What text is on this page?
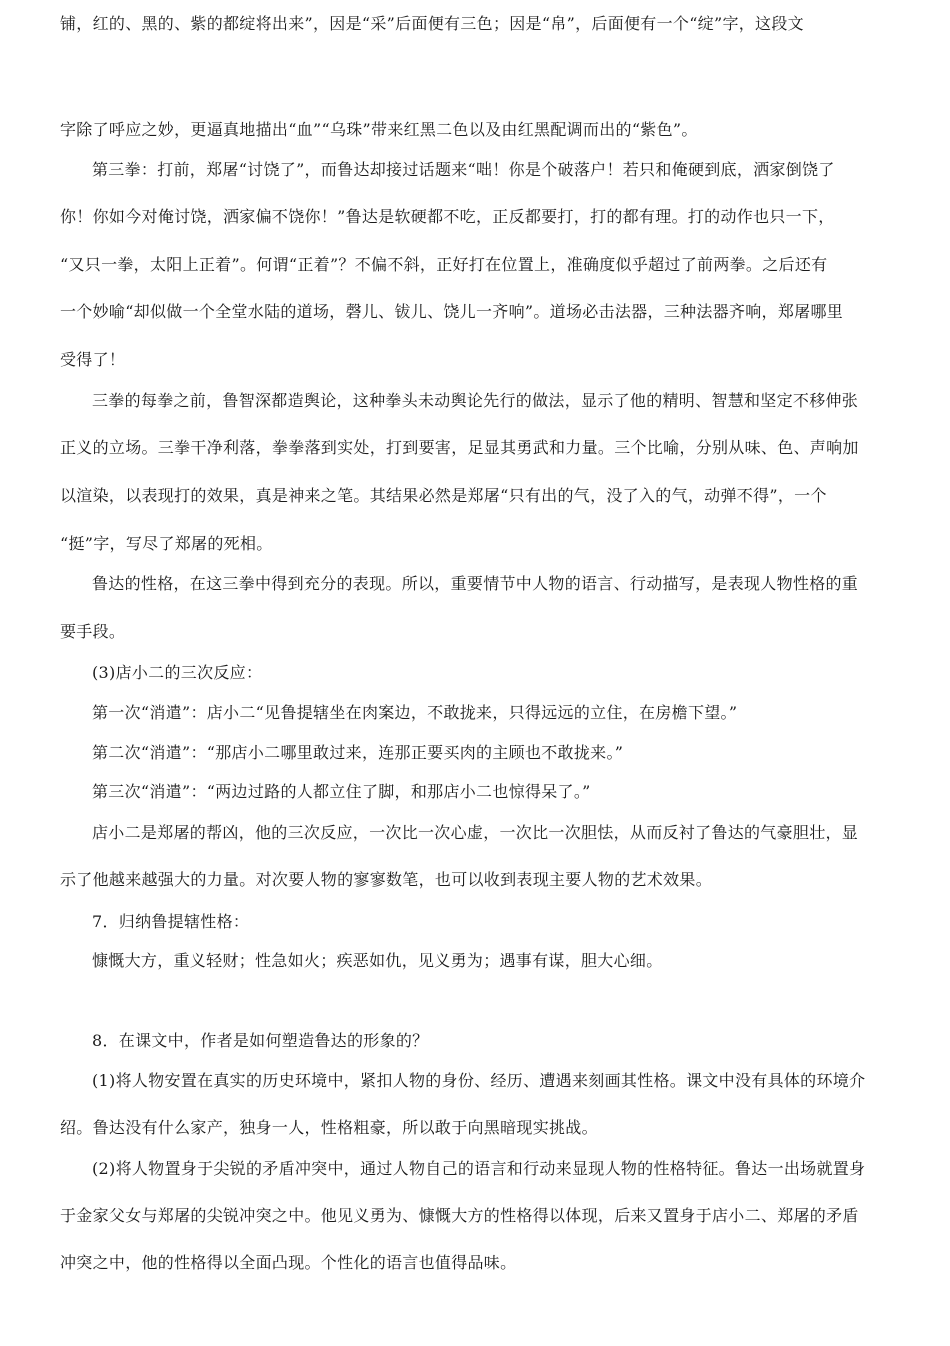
铺，红的、黑的、紫的都绽将出来”，因是“采”后面便有三色；因是“帛”，后面便有一个“绽”字，这段文
字除了呼应之妙，更逼真地描出“血”“乌珠”带来红黑二色以及由红黑配调而出的“紫色”。
第三拳：打前，郑屠“讨饶了”，而鲁达却接过话题来“咄！你是个破落户！若只和俺硬到底，洒家倒饶了
你！你如今对俺讨饶，洒家偏不饶你！”鲁达是软硬都不吃，正反都要打，打的都有理。打的动作也只一下，
“又只一拳，太阳上正着”。何谓“正着”？不偏不斜，正好打在位置上，准确度似乎超过了前两拳。之后还有
一个妙喻“却似做一个全堂水陆的道场，磬儿、钹儿、饶儿一齐响”。道场必击法器，三种法器齐响，郑屠哪里
受得了！
三拳的每拳之前，鲁智深都造舆论，这种拳头未动舆论先行的做法，显示了他的精明、智慧和坚定不移伸张
正义的立场。三拳干净利落，拳拳落到实处，打到要害，足显其勇武和力量。三个比喻，分别从味、色、声响加
以渲染，以表现打的效果，真是神来之笔。其结果必然是郑屠“只有出的气，没了入的气，动弹不得”，一个
“挺”字，写尽了郑屠的死相。
鲁达的性格，在这三拳中得到充分的表现。所以，重要情节中人物的语言、行动描写，是表现人物性格的重
要手段。
(3)店小二的三次反应：
第一次“消遣”：店小二“见鲁提辖坐在肉案边，不敢拢来，只得远远的立住，在房檐下望。”
第二次“消遣”：“那店小二哪里敢过来，连那正要买肉的主顾也不敢拢来。”
第三次“消遣”：“两边过路的人都立住了脚，和那店小二也惊得呆了。”
店小二是郑屠的帮凶，他的三次反应，一次比一次心虚，一次比一次胆怯，从而反衬了鲁达的气豪胆壮，显
示了他越来越强大的力量。对次要人物的寥寥数笔，也可以收到表现主要人物的艺术效果。
7．归纳鲁提辖性格：
慷慨大方，重义轻财；性急如火；疾恶如仇，见义勇为；遇事有谋，胆大心细。
8．在课文中，作者是如何塑造鲁达的形象的？
(1)将人物安置在真实的历史环境中，紧扣人物的身份、经历、遭遇来刻画其性格。课文中没有具体的环境介
绍。鲁达没有什么家产，独身一人，性格粗豪，所以敢于向黑暗现实挑战。
(2)将人物置身于尖锐的矛盾冲突中，通过人物自己的语言和行动来显现人物的性格特征。鲁达一出场就置身
于金家父女与郑屠的尖锐冲突之中。他见义勇为、慷慨大方的性格得以体现，后来又置身于店小二、郑屠的矛盾
冲突之中，他的性格得以全面凸现。个性化的语言也值得品味。
